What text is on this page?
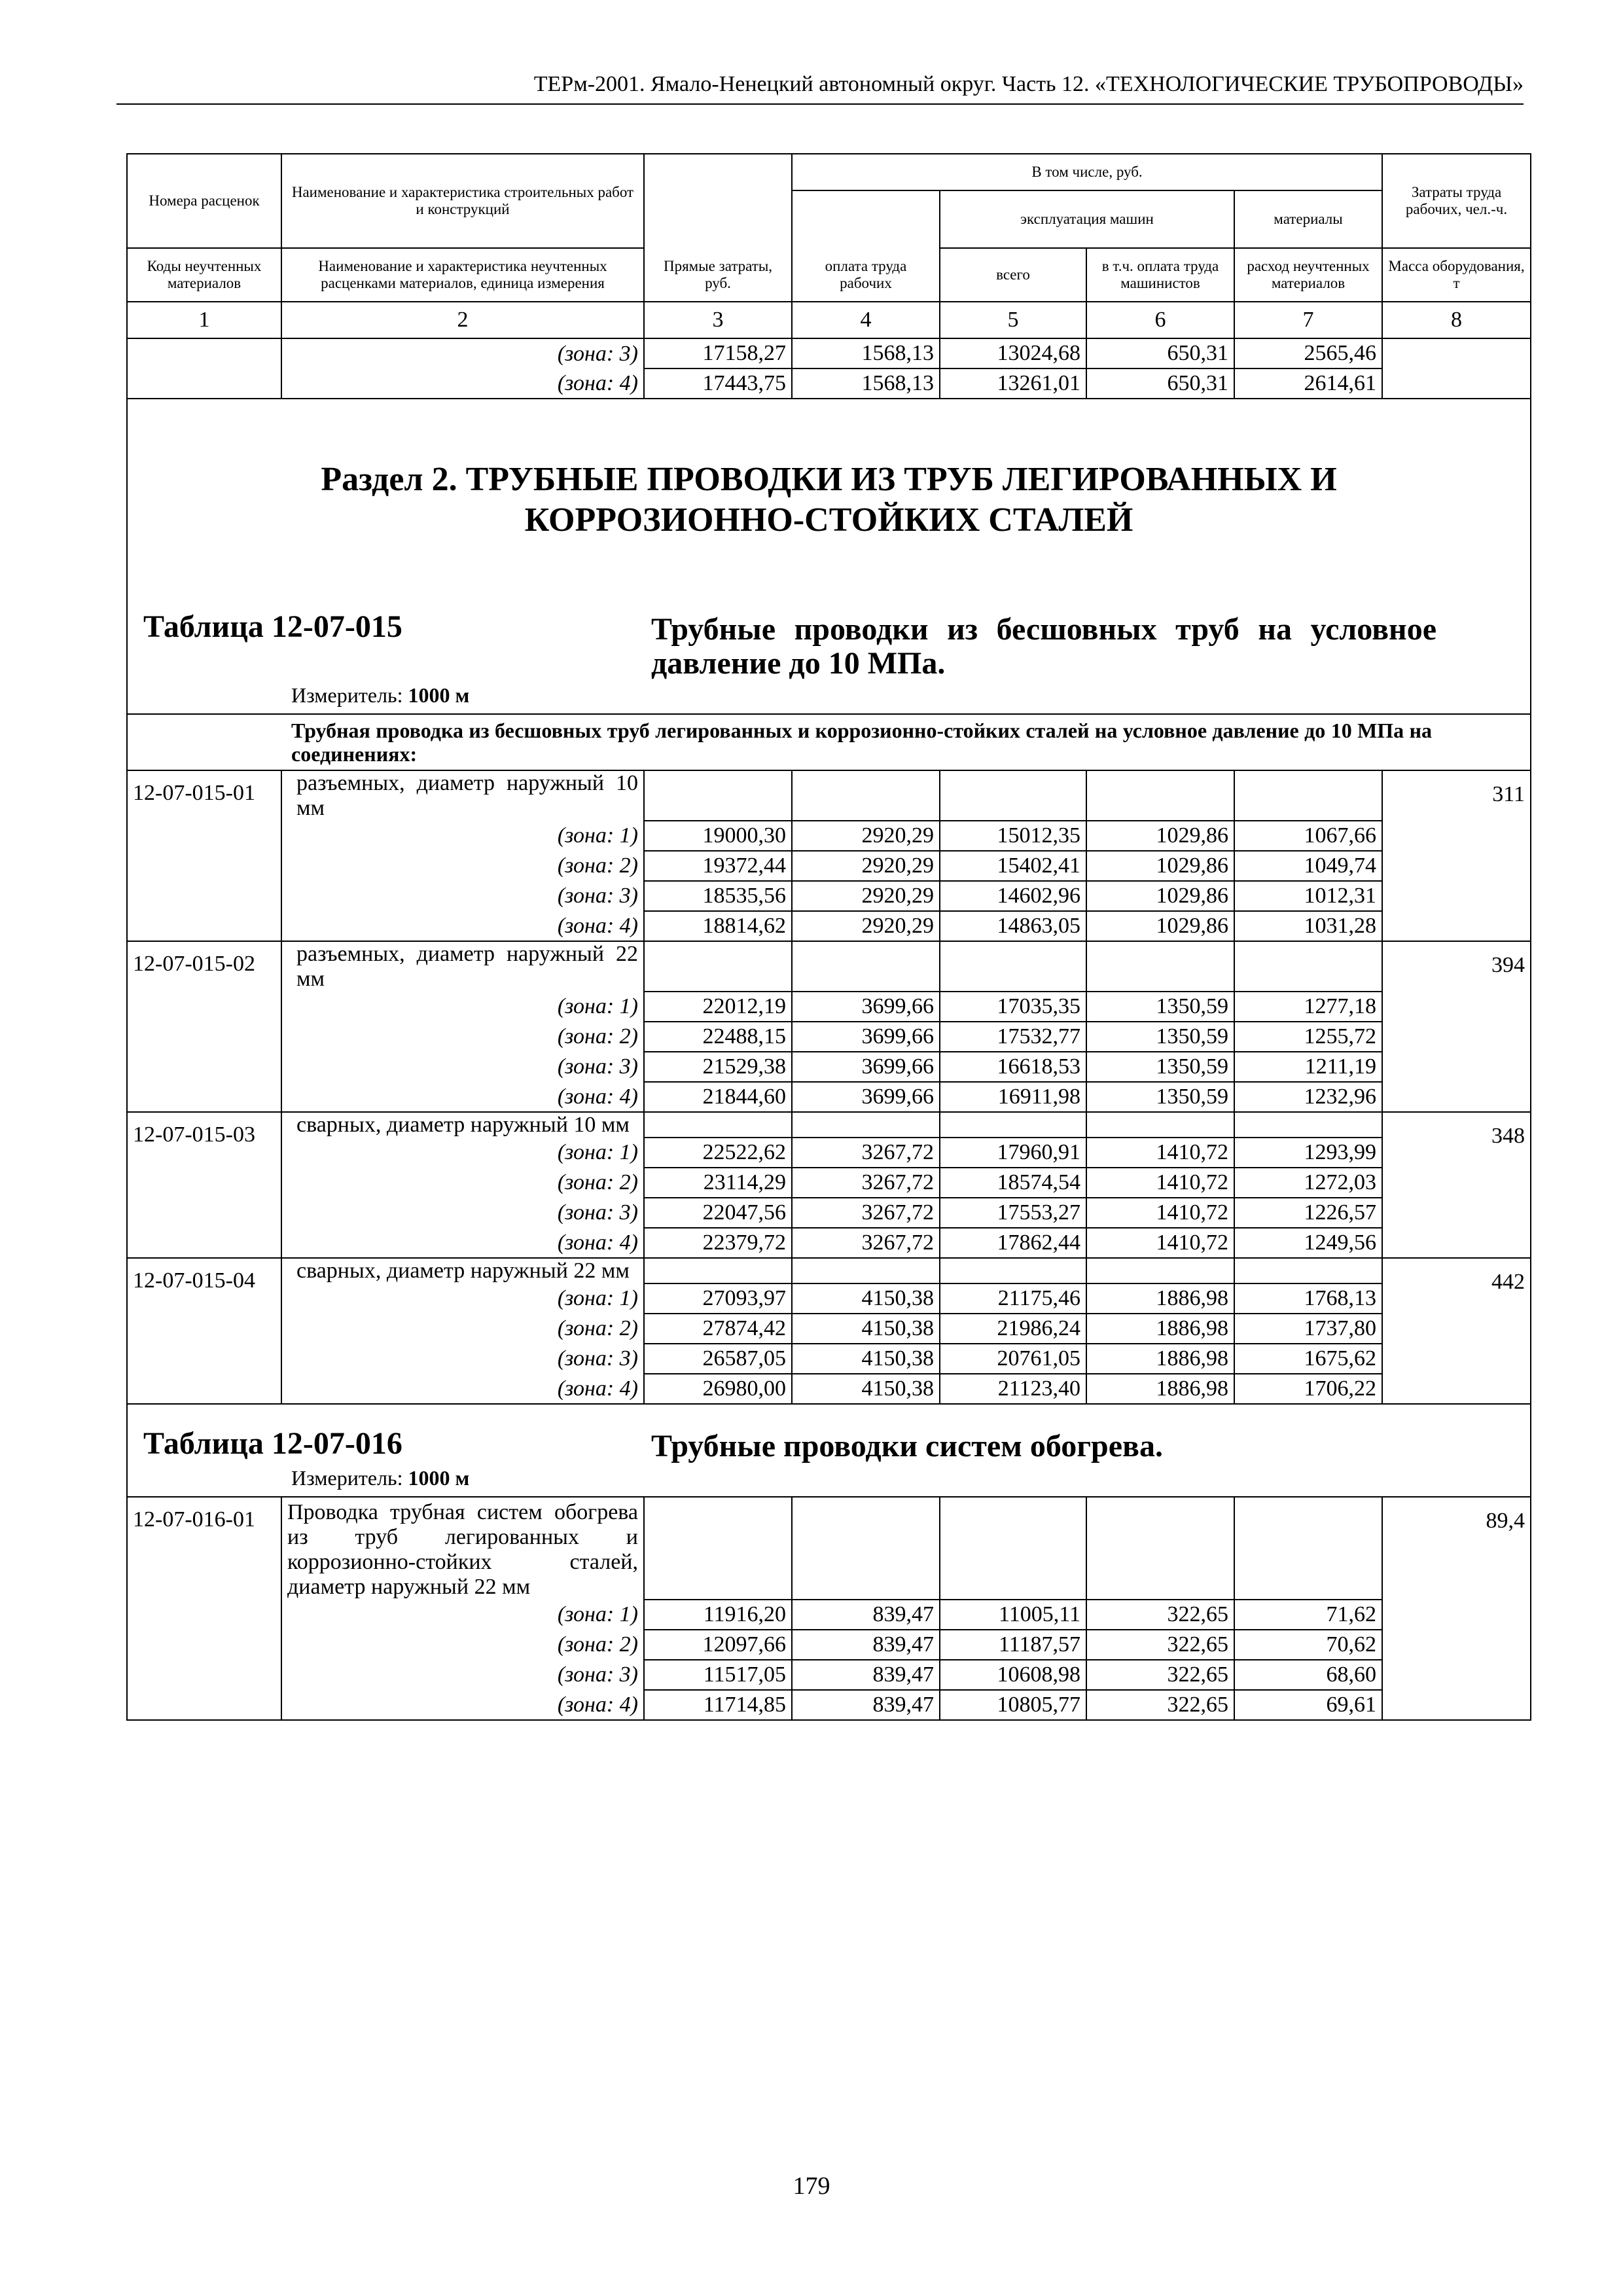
ТЕРм-2001. Ямало-Ненецкий автономный округ. Часть 12. «ТЕХНОЛОГИЧЕСКИЕ ТРУБОПРОВОДЫ»
Номера расценок	Наименование и характеристика строительных работ и конструкций	Прямые затраты, руб.	В том числе, руб.				Затраты труда рабочих, чел.-ч.
			оплата труда рабочих	эксплуатация машин		материалы	
Коды неучтенных материалов	Наименование и характеристика неучтенных расценками материалов, единица измерения			всего	в т.ч. оплата труда машинистов	расход неучтенных материалов	Масса оборудования, т
1	2	3	4	5	6	7	8
	(зона: 3)	17158,27	1568,13	13024,68	650,31	2565,46	
	(зона: 4)	17443,75	1568,13	13261,01	650,31	2614,61	

Раздел 2. ТРУБНЫЕ ПРОВОДКИ ИЗ ТРУБ ЛЕГИРОВАННЫХ И КОРРОЗИОННО-СТОЙКИХ СТАЛЕЙ
Таблица 12-07-015 Трубные проводки из бесшовных труб на условное давление до 10 МПа.
Измеритель: 1000 м							

Трубная проводка из бесшовных труб легированных и коррозионно-стойких сталей на условное давление до 10 МПа на соединениях:							
12-07-015-01	разъемных, диаметр наружный 10 мм						311
	(зона: 1)	19000,30	2920,29	15012,35	1029,86	1067,66	
	(зона: 2)	19372,44	2920,29	15402,41	1029,86	1049,74	
	(зона: 3)	18535,56	2920,29	14602,96	1029,86	1012,31	
	(зона: 4)	18814,62	2920,29	14863,05	1029,86	1031,28	
12-07-015-02	разъемных, диаметр наружный 22 мм						394
	(зона: 1)	22012,19	3699,66	17035,35	1350,59	1277,18	
	(зона: 2)	22488,15	3699,66	17532,77	1350,59	1255,72	
	(зона: 3)	21529,38	3699,66	16618,53	1350,59	1211,19	
	(зона: 4)	21844,60	3699,66	16911,98	1350,59	1232,96	
12-07-015-03	сварных, диаметр наружный 10 мм						348
	(зона: 1)	22522,62	3267,72	17960,91	1410,72	1293,99	
	(зона: 2)	23114,29	3267,72	18574,54	1410,72	1272,03	
	(зона: 3)	22047,56	3267,72	17553,27	1410,72	1226,57	
	(зона: 4)	22379,72	3267,72	17862,44	1410,72	1249,56	
12-07-015-04	сварных, диаметр наружный 22 мм						442
	(зона: 1)	27093,97	4150,38	21175,46	1886,98	1768,13	
	(зона: 2)	27874,42	4150,38	21986,24	1886,98	1737,80	
	(зона: 3)	26587,05	4150,38	20761,05	1886,98	1675,62	
	(зона: 4)	26980,00	4150,38	21123,40	1886,98	1706,22	

Таблица 12-07-016 Трубные проводки систем обогрева.
Измеритель: 1000 м							

12-07-016-01	Проводка трубная систем обогрева из труб легированных и коррозионно-стойких сталей, диаметр наружный 22 мм						89,4
	(зона: 1)	11916,20	839,47	11005,11	322,65	71,62	
	(зона: 2)	12097,66	839,47	11187,57	322,65	70,62	
	(зона: 3)	11517,05	839,47	10608,98	322,65	68,60	
	(зона: 4)	11714,85	839,47	10805,77	322,65	69,61	
179
